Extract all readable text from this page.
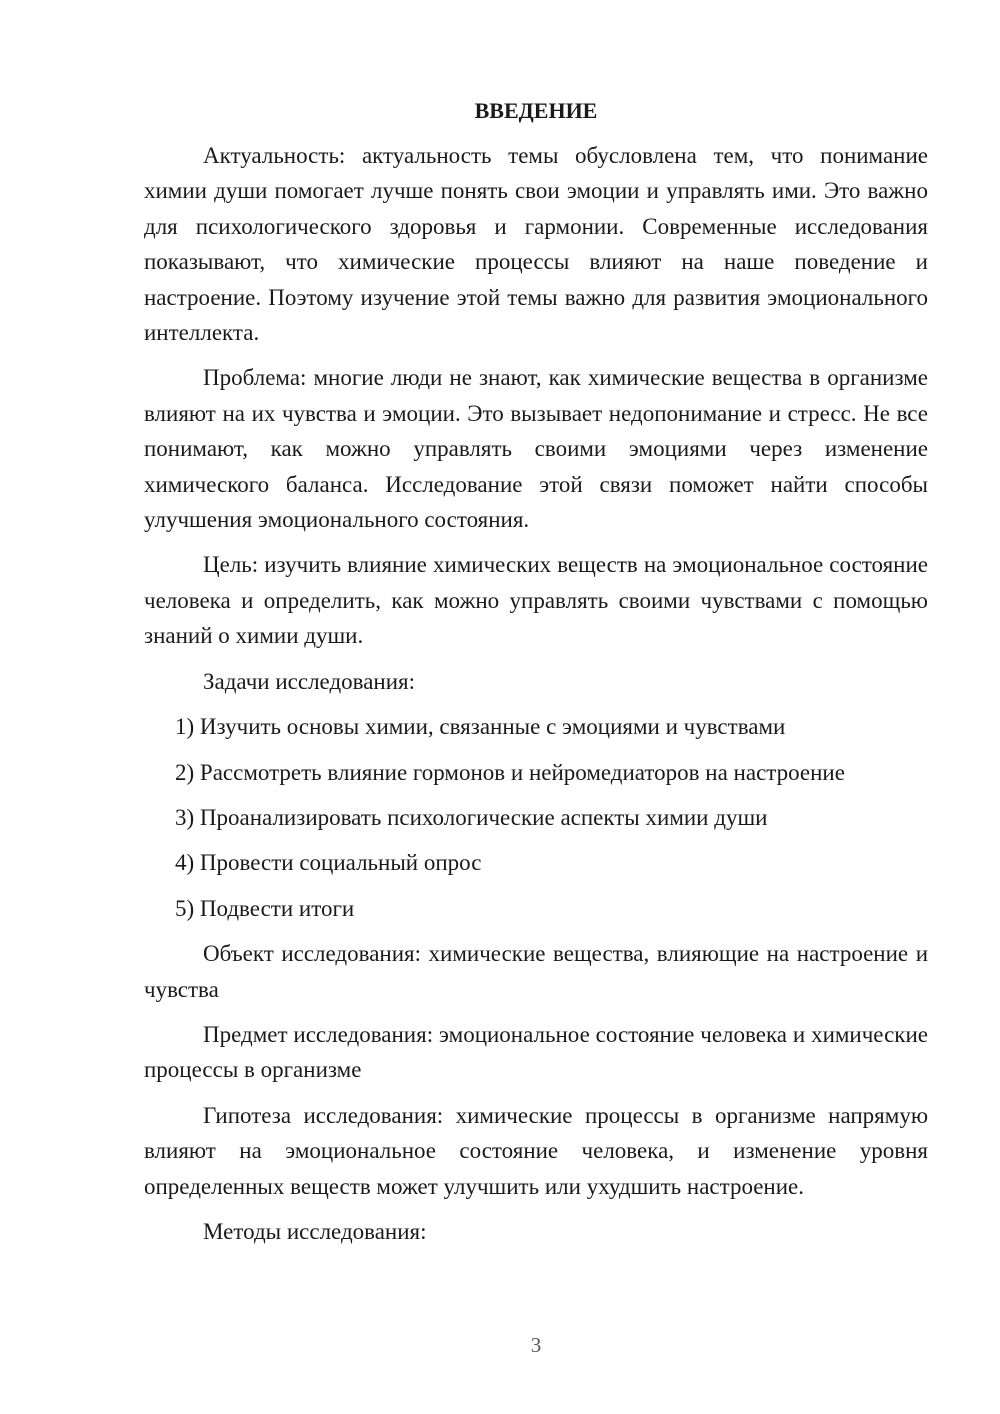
ВВЕДЕНИЕ

Актуальность: актуальность темы обусловлена тем, что понимание химии души помогает лучше понять свои эмоции и управлять ими. Это важно для психологического здоровья и гармонии. Современные исследования показывают, что химические процессы влияют на наше поведение и настроение. Поэтому изучение этой темы важно для развития эмоционального интеллекта.

Проблема: многие люди не знают, как химические вещества в организме влияют на их чувства и эмоции. Это вызывает недопонимание и стресс. Не все понимают, как можно управлять своими эмоциями через изменение химического баланса. Исследование этой связи поможет найти способы улучшения эмоционального состояния.

Цель: изучить влияние химических веществ на эмоциональное состояние человека и определить, как можно управлять своими чувствами с помощью знаний о химии души.

Задачи исследования:

1) Изучить основы химии, связанные с эмоциями и чувствами
2) Рассмотреть влияние гормонов и нейромедиаторов на настроение
3) Проанализировать психологические аспекты химии души
4) Провести социальный опрос
5) Подвести итоги

Объект исследования: химические вещества, влияющие на настроение и чувства

Предмет исследования: эмоциональное состояние человека и химические процессы в организме

Гипотеза исследования: химические процессы в организме напрямую влияют на эмоциональное состояние человека, и изменение уровня определенных веществ может улучшить или ухудшить настроение.

Методы исследования:

3
